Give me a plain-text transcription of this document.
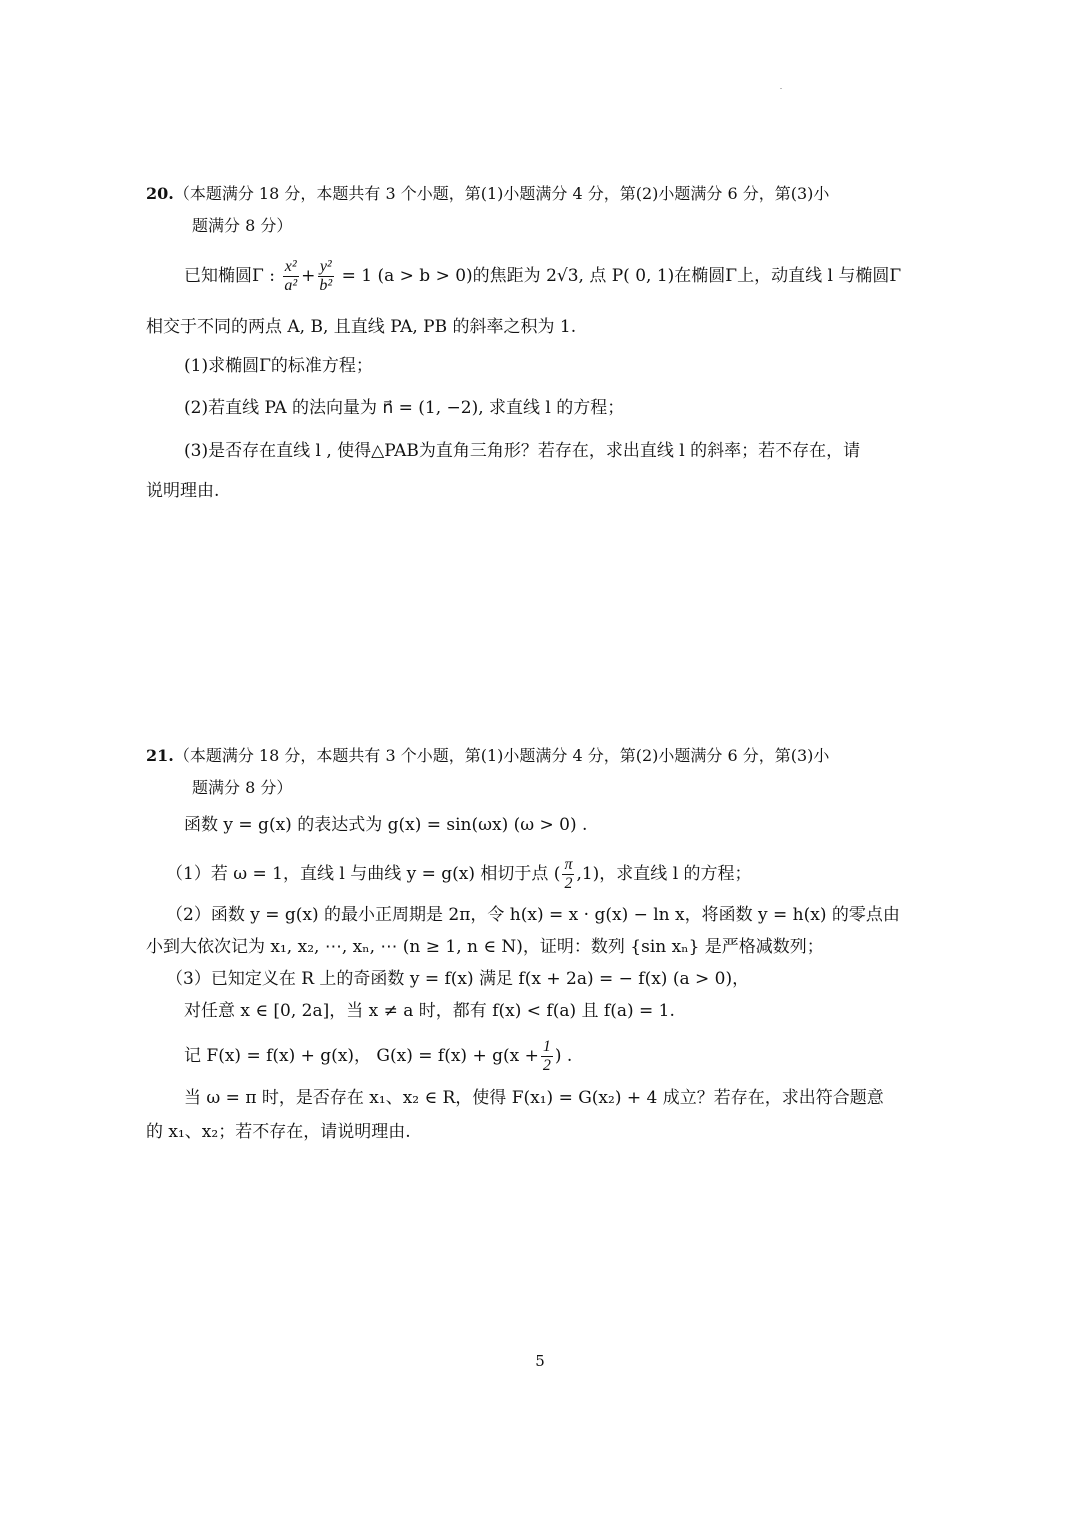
20.（本题满分 18 分，本题共有 3 个小题，第(1)小题满分 4 分，第(2)小题满分 6 分，第(3)小
题满分 8 分）
已知椭圆Γ : $\frac{\text{x²}}{\text{a²}} + \frac{\text{y²}}{\text{b²}} = 1$ (a > b > 0)的焦距为 2√3, 点 P( 0, 1)在椭圆Γ上，动直线 l 与椭圆Γ
相交于不同的两点 A, B, 且直线 PA, PB 的斜率之积为 1.
(1)求椭圆Γ的标准方程；
(2)若直线 PA 的法向量为 n⃗ = (1, −2), 求直线 l 的方程；
(3)是否存在直线 l , 使得△PAB为直角三角形？若存在，求出直线 l 的斜率；若不存在，请
说明理由.
21.（本题满分 18 分，本题共有 3 个小题，第(1)小题满分 4 分，第(2)小题满分 6 分，第(3)小
题满分 8 分）
函数 y = g(x) 的表达式为 g(x) = sin(ωx) (ω > 0) .
（1）若 ω = 1，直线 l 与曲线 y = g(x) 相切于点 ( $\frac{\pi}{2} ,1$)，求直线 l 的方程；
（2）函数 y = g(x) 的最小正周期是 2π，令 h(x) = x · g(x) − ln x，将函数 y = h(x) 的零点由
小到大依次记为 x₁, x₂, ⋯, xₙ, ⋯ (n ≥ 1, n ∈ N)，证明：数列 {sin xₙ} 是严格减数列；
（3）已知定义在 R 上的奇函数 y = f(x) 满足 f(x + 2a) = − f(x) (a > 0)，
对任意 x ∈ [0, 2a]，当 x ≠ a 时，都有 f(x) < f(a) 且 f(a) = 1.
记 F(x) = f(x) + g(x)， $G(x) = f(x) + g(x + \frac{1}{2}$ ) .
当 ω = π 时，是否存在 x₁、x₂ ∈ R，使得 F(x₁) = G(x₂) + 4 成立？若存在，求出符合题意
的 x₁、x₂；若不存在，请说明理由.
5
